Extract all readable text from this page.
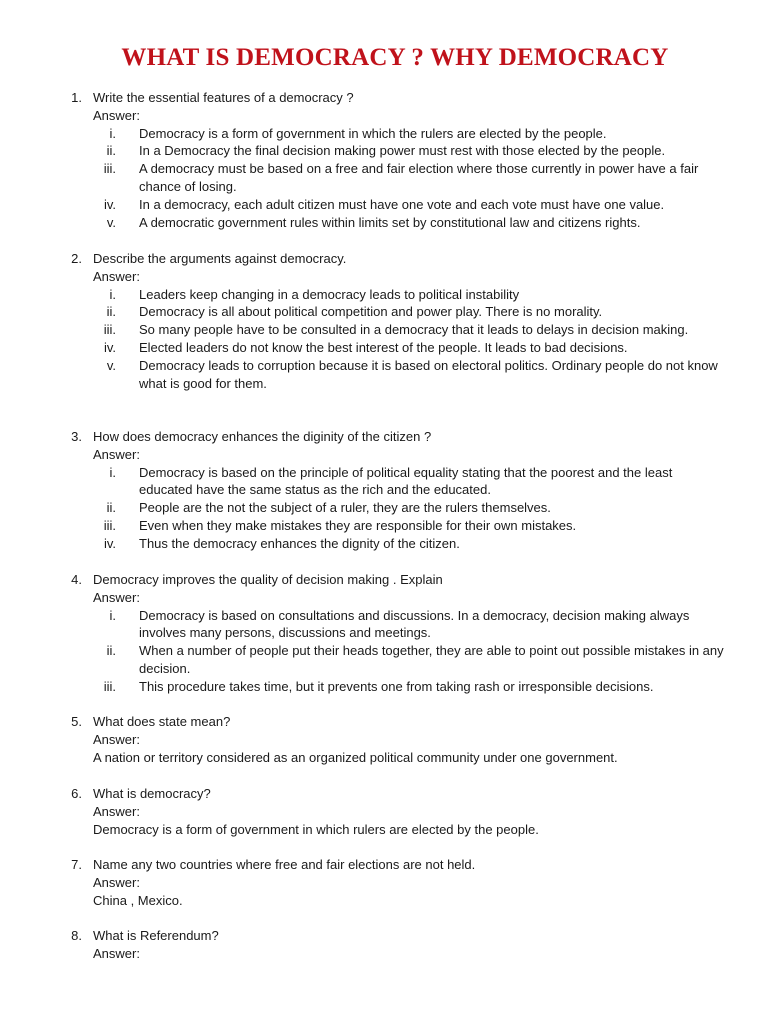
WHAT IS DEMOCRACY ? WHY DEMOCRACY
1. Write the essential features of a democracy ?
Answer:
i. Democracy is a form of government in which the rulers are elected by the people.
ii. In a Democracy the final decision making power must rest with those elected by the people.
iii. A democracy must be based on a free and fair election where those currently in power have a fair chance of losing.
iv. In a democracy, each adult citizen must have one vote and each vote must have one value.
v. A democratic government rules within limits set by constitutional law and citizens rights.
2. Describe the arguments against democracy.
Answer:
i. Leaders keep changing in a democracy leads to political instability
ii. Democracy is all about political competition and power play. There is no morality.
iii. So many people have to be consulted in a democracy that it leads to delays in decision making.
iv. Elected leaders do not know the best interest of the people. It leads to bad decisions.
v. Democracy leads to corruption because it is based on electoral politics. Ordinary people do not know what is good for them.
3. How does democracy enhances the diginity of the citizen ?
Answer:
i. Democracy is based on the principle of political equality stating that the poorest and the least educated have the same status as the rich and the educated.
ii. People are the not the subject of a ruler, they are the rulers themselves.
iii. Even when they make mistakes they are responsible for their own mistakes.
iv. Thus the democracy enhances the dignity of the citizen.
4. Democracy improves the quality of decision making . Explain
Answer:
i. Democracy is based on consultations and discussions. In a democracy, decision making always involves many persons, discussions and meetings.
ii. When a number of people put their heads together, they are able to point out possible mistakes in any decision.
iii. This procedure takes time, but it prevents one from taking rash or irresponsible decisions.
5. What does state mean?
Answer:
A nation or territory considered as an organized political community under one government.
6. What is democracy?
Answer:
Democracy is a form of government in which rulers are elected by the people.
7. Name any two countries where free and fair elections are not held.
Answer:
China , Mexico.
8. What is Referendum?
Answer:
